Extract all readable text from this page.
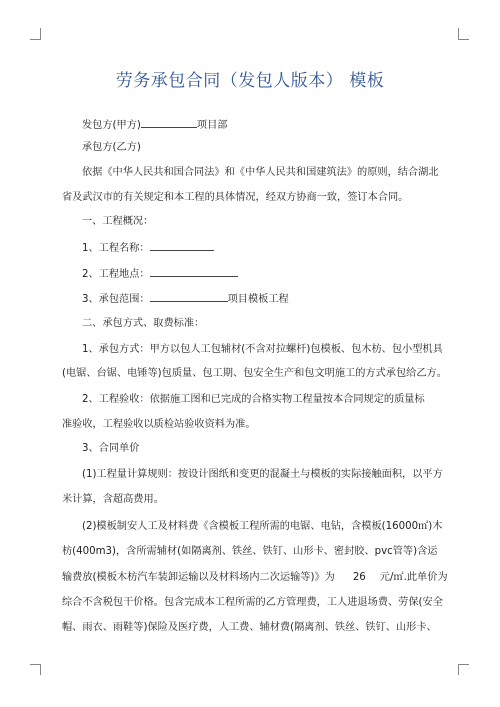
劳务承包合同（发包人版本） 模板
发包方(甲方)	项目部
承包方(乙方)
依据《中华人民共和国合同法》和《中华人民共和国建筑法》的原则，结合湖北
省及武汉市的有关规定和本工程的具体情况，经双方协商一致，签订本合同。
一、工程概况：
1、工程名称：
2、工程地点：
3、承包范围：	项目模板工程
二、承包方式、取费标准：
1、承包方式：甲方以包人工包辅材(不含对拉螺杆)包模板、包木枋、包小型机具
(电锯、台锯、电锤等)包质量、包工期、包安全生产和包文明施工的方式承包给乙方。
2、工程验收：依据施工图和已完成的合格实物工程量按本合同规定的质量标
准验收，工程验收以质检站验收资料为准。
3、合同单价
(1)工程量计算规则：按设计图纸和变更的混凝土与模板的实际接触面积，以平方
米计算，含超高费用。
(2)模板制安人工及材料费《含模板工程所需的电锯、电钻，含模板(16000㎡)木
枋(400m3)，含所需辅材(如隔离剂、铁丝、铁钉、山形卡、密封胶、pvc管等)含运
输费放(模板木枋汽车装卸运输以及材料场内二次运输等)》为 26 元/㎡.此单价为
综合不含税包干价格。包含完成本工程所需的乙方管理费，工人进退场费、劳保(安全
帽、雨衣、雨鞋等)保险及医疗费，人工费、辅材费(隔离剂、铁丝、铁钉、山形卡、
